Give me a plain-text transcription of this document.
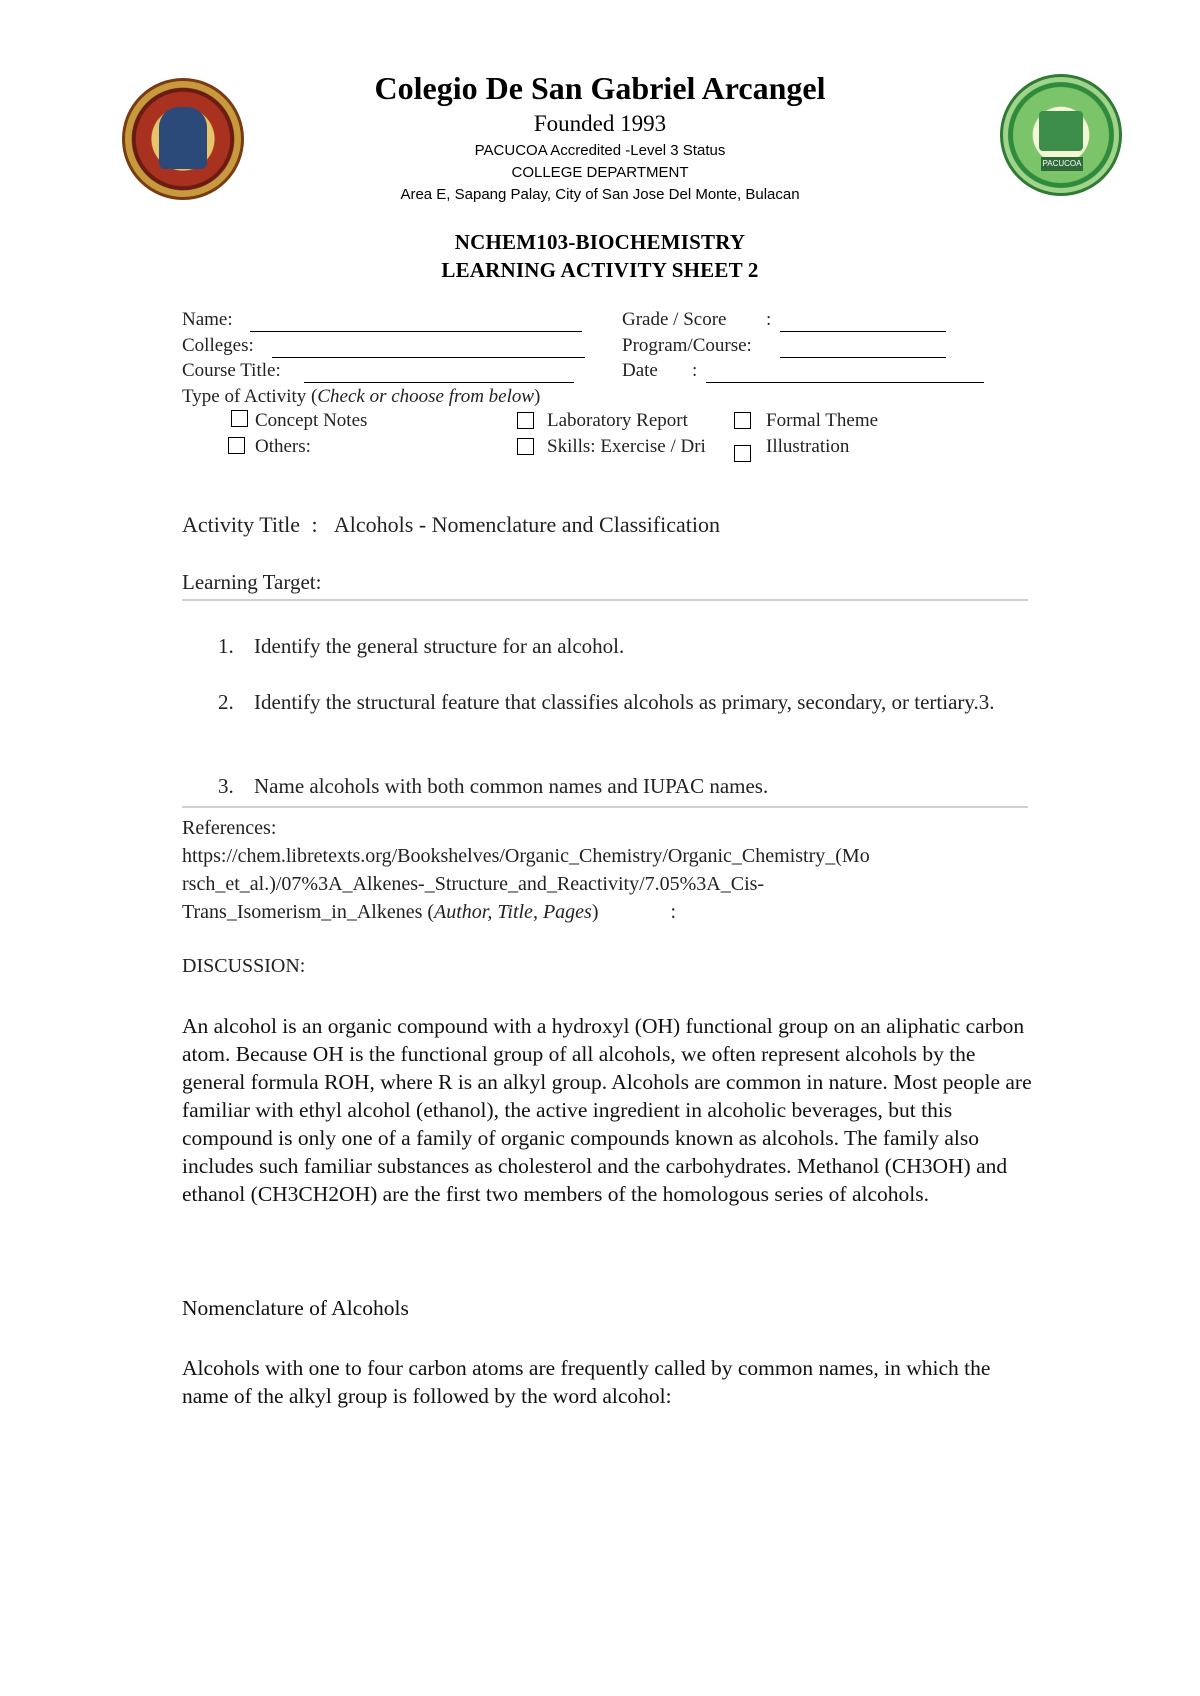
PACUCOA
Colegio De San Gabriel Arcangel
Founded 1993
PACUCOA Accredited -Level 3 Status
COLLEGE DEPARTMENT
Area E, Sapang Palay, City of San Jose Del Monte, Bulacan
NCHEM103-BIOCHEMISTRY
LEARNING ACTIVITY SHEET 2
Name:	Grade / Score :
Colleges:	Program/Course:
Course Title:	Date :
Type of Activity (Check or choose from below)
Concept Notes	Laboratory Report	Formal Theme
Others:	Skills: Exercise / Dri	Illustration
Activity Title : Alcohols - Nomenclature and Classification
Learning Target:
1. Identify the general structure for an alcohol.
2. Identify the structural feature that classifies alcohols as primary, secondary, or tertiary.3.
3. Name alcohols with both common names and IUPAC names.
References:
https://chem.libretexts.org/Bookshelves/Organic_Chemistry/Organic_Chemistry_(Mo
rsch_et_al.)/07%3A_Alkenes-_Structure_and_Reactivity/7.05%3A_Cis-
Trans_Isomerism_in_Alkenes (Author, Title, Pages)	:
DISCUSSION:
An alcohol is an organic compound with a hydroxyl (OH) functional group on an aliphatic carbon atom. Because OH is the functional group of all alcohols, we often represent alcohols by the general formula ROH, where R is an alkyl group. Alcohols are common in nature. Most people are familiar with ethyl alcohol (ethanol), the active ingredient in alcoholic beverages, but this compound is only one of a family of organic compounds known as alcohols. The family also includes such familiar substances as cholesterol and the carbohydrates. Methanol (CH3OH) and ethanol (CH3CH2OH) are the first two members of the homologous series of alcohols.
Nomenclature of Alcohols
Alcohols with one to four carbon atoms are frequently called by common names, in which the name of the alkyl group is followed by the word alcohol:
